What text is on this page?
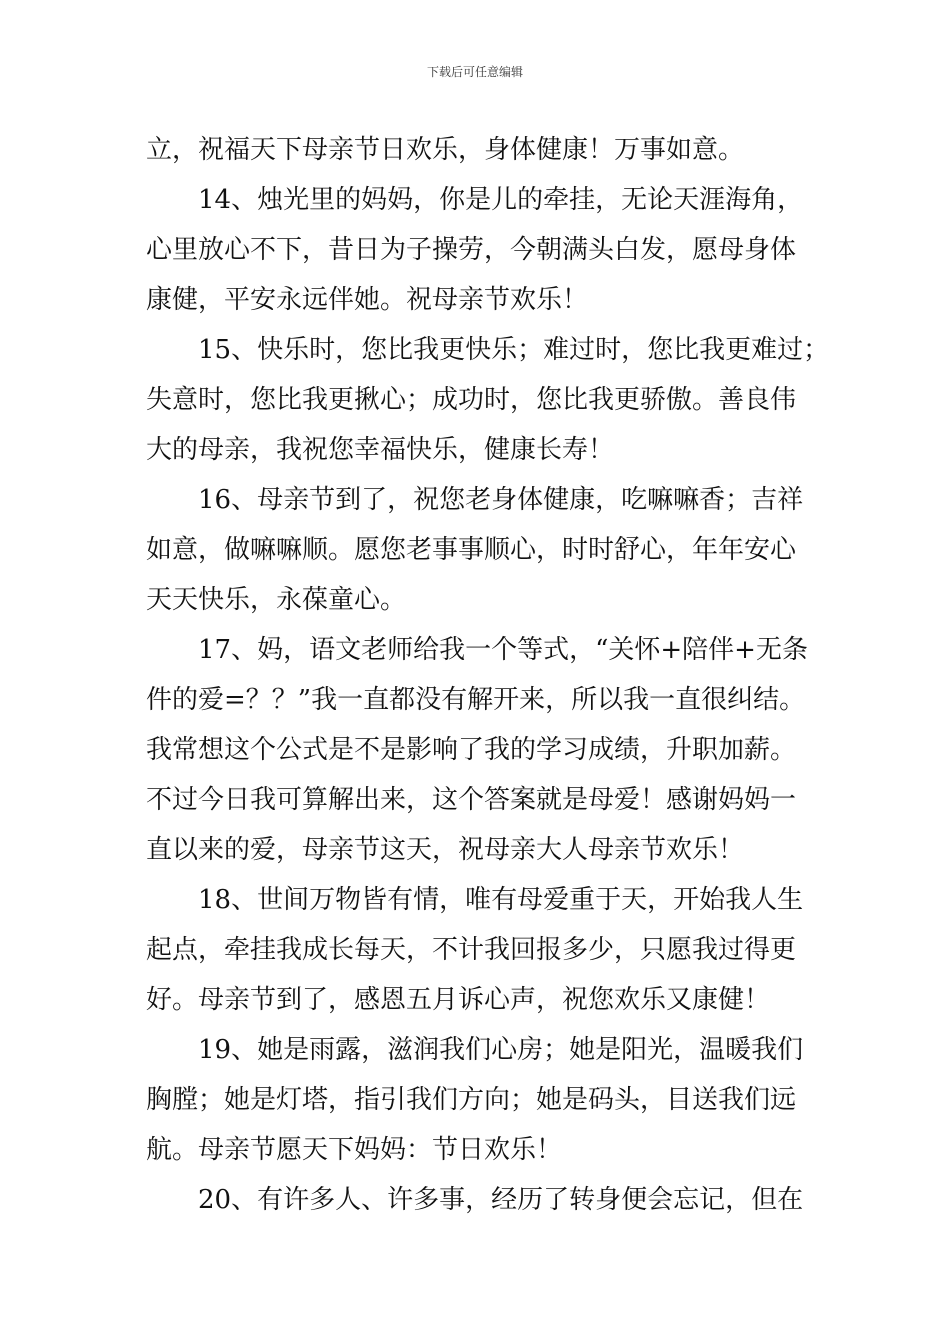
下载后可任意编辑
立，祝福天下母亲节日欢乐，身体健康！万事如意。
14、烛光里的妈妈，你是儿的牵挂，无论天涯海角，
心里放心不下，昔日为子操劳，今朝满头白发，愿母身体
康健，平安永远伴她。祝母亲节欢乐！
15、快乐时，您比我更快乐；难过时，您比我更难过；
失意时，您比我更揪心；成功时，您比我更骄傲。善良伟
大的母亲，我祝您幸福快乐，健康长寿！
16、母亲节到了，祝您老身体健康，吃嘛嘛香；吉祥
如意，做嘛嘛顺。愿您老事事顺心，时时舒心，年年安心
天天快乐，永葆童心。
17、妈，语文老师给我一个等式，“关怀+陪伴+无条
件的爱=？？”我一直都没有解开来，所以我一直很纠结。
我常想这个公式是不是影响了我的学习成绩，升职加薪。
不过今日我可算解出来，这个答案就是母爱！感谢妈妈一
直以来的爱，母亲节这天，祝母亲大人母亲节欢乐！
18、世间万物皆有情，唯有母爱重于天，开始我人生
起点，牵挂我成长每天，不计我回报多少，只愿我过得更
好。母亲节到了，感恩五月诉心声，祝您欢乐又康健！
19、她是雨露，滋润我们心房；她是阳光，温暖我们
胸膛；她是灯塔，指引我们方向；她是码头，目送我们远
航。母亲节愿天下妈妈：节日欢乐！
20、有许多人、许多事，经历了转身便会忘记，但在
